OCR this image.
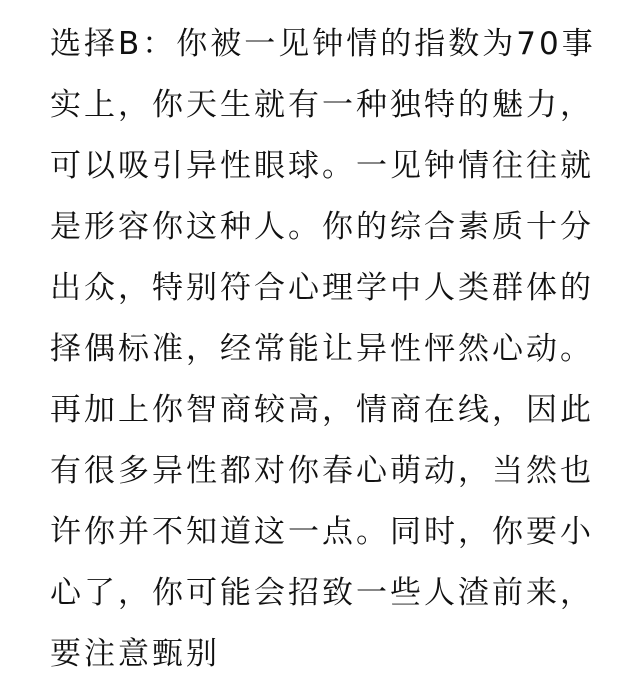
选择B：你被一见钟情的指数为70事
实上，你天生就有一种独特的魅力，
可以吸引异性眼球。一见钟情往往就
是形容你这种人。你的综合素质十分
出众，特别符合心理学中人类群体的
择偶标准，经常能让异性怦然心动。
再加上你智商较高，情商在线，因此
有很多异性都对你春心萌动，当然也
许你并不知道这一点。同时，你要小
心了，你可能会招致一些人渣前来，
要注意甄别
